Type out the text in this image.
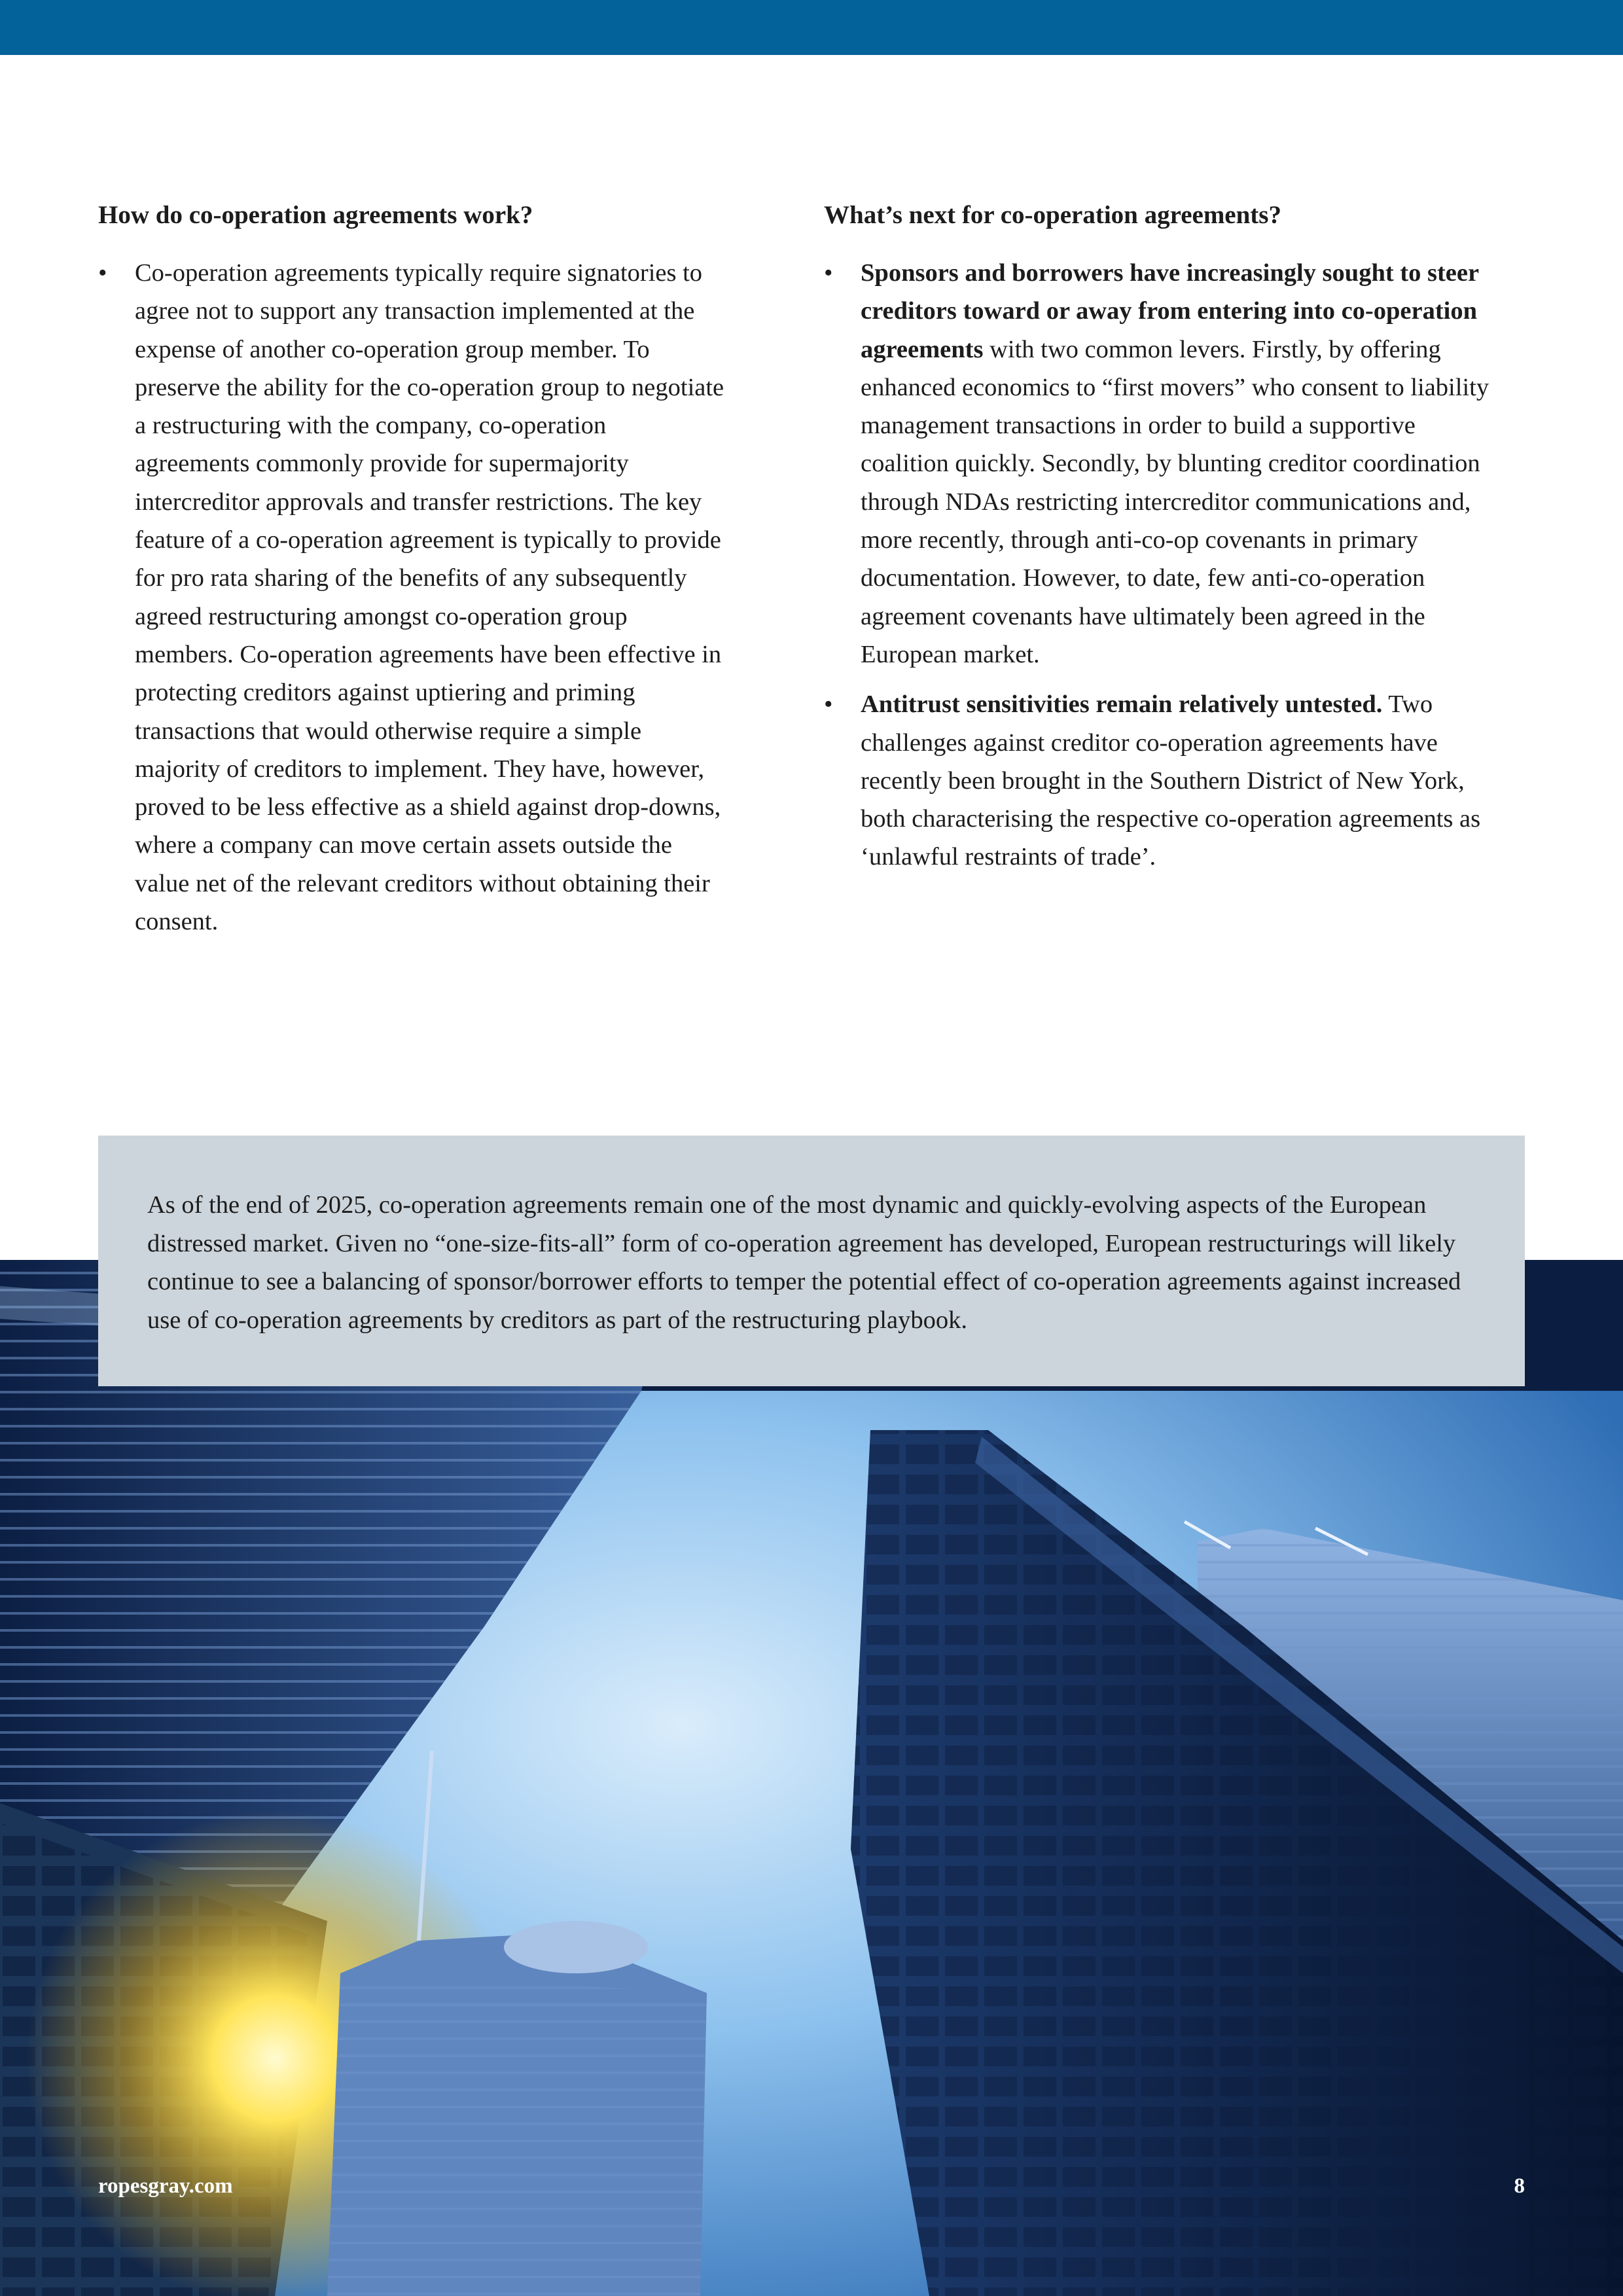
How do co-operation agreements work?
• Co-operation agreements typically require signatories to agree not to support any transaction implemented at the expense of another co-operation group member. To preserve the ability for the co-operation group to negotiate a restructuring with the company, co-operation agreements commonly provide for supermajority intercreditor approvals and transfer restrictions. The key feature of a co-operation agreement is typically to provide for pro rata sharing of the benefits of any subsequently agreed restructuring amongst co-operation group members. Co-operation agreements have been effective in protecting creditors against uptiering and priming transactions that would otherwise require a simple majority of creditors to implement. They have, however, proved to be less effective as a shield against drop-downs, where a company can move certain assets outside the value net of the relevant creditors without obtaining their consent.
What’s next for co-operation agreements?
• Sponsors and borrowers have increasingly sought to steer creditors toward or away from entering into co-operation agreements with two common levers. Firstly, by offering enhanced economics to “first movers” who consent to liability management transactions in order to build a supportive coalition quickly. Secondly, by blunting creditor coordination through NDAs restricting intercreditor communications and, more recently, through anti-co-op covenants in primary documentation. However, to date, few anti-co-operation agreement covenants have ultimately been agreed in the European market.
• Antitrust sensitivities remain relatively untested. Two challenges against creditor co-operation agreements have recently been brought in the Southern District of New York, both characterising the respective co-operation agreements as ‘unlawful restraints of trade’.

As of the end of 2025, co-operation agreements remain one of the most dynamic and quickly-evolving aspects of the European distressed market. Given no “one-size-fits-all” form of co-operation agreement has developed, European restructurings will likely continue to see a balancing of sponsor/borrower efforts to temper the potential effect of co-operation agreements against increased use of co-operation agreements by creditors as part of the restructuring playbook.

ropesgray.com	8
